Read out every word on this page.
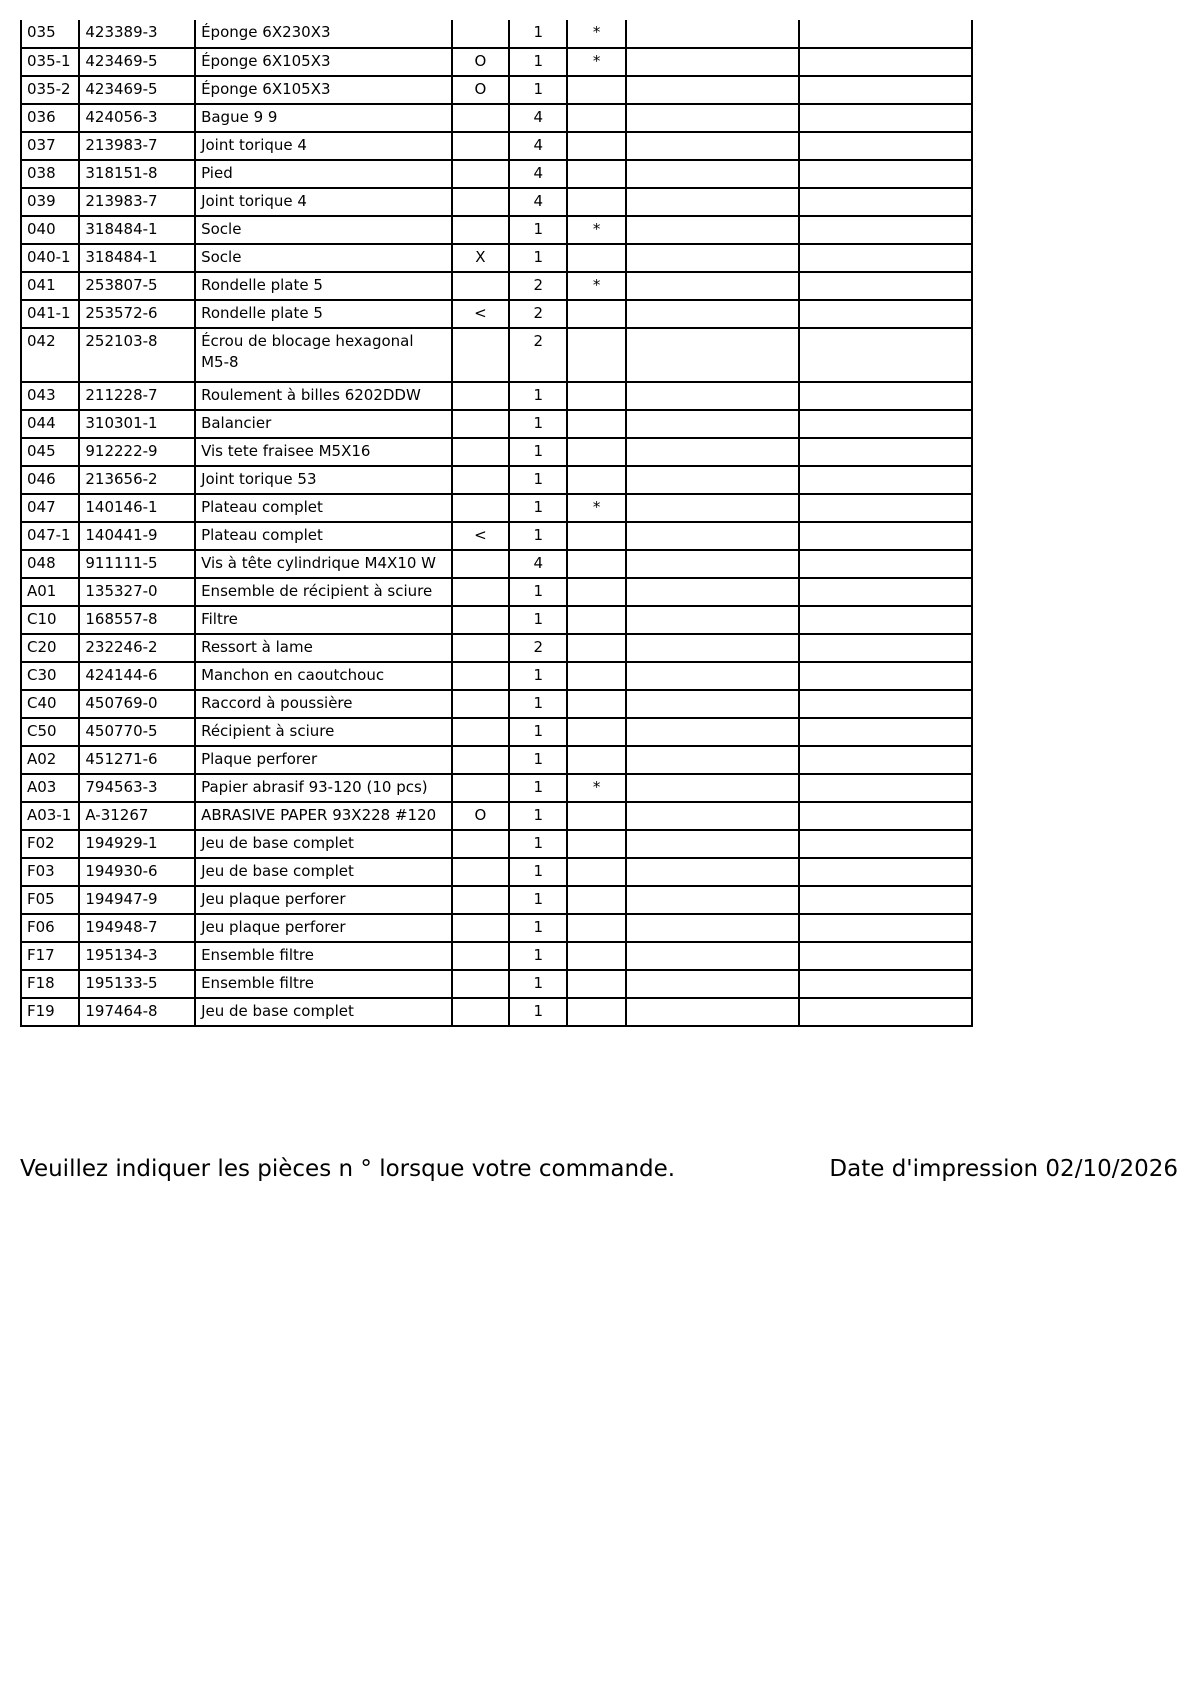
035	423389-3	Éponge 6X230X3		1	*		
035-1	423469-5	Éponge 6X105X3	O	1	*		
035-2	423469-5	Éponge 6X105X3	O	1			
036	424056-3	Bague 9 9		4			
037	213983-7	Joint torique 4		4			
038	318151-8	Pied		4			
039	213983-7	Joint torique 4		4			
040	318484-1	Socle		1	*		
040-1	318484-1	Socle	X	1			
041	253807-5	Rondelle plate 5		2	*		
041-1	253572-6	Rondelle plate 5	<	2			
042	252103-8	Écrou de blocage hexagonal M5-8		2			
043	211228-7	Roulement à billes 6202DDW		1			
044	310301-1	Balancier		1			
045	912222-9	Vis tete fraisee M5X16		1			
046	213656-2	Joint torique 53		1			
047	140146-1	Plateau complet		1	*		
047-1	140441-9	Plateau complet	<	1			
048	911111-5	Vis à tête cylindrique M4X10 W		4			
A01	135327-0	Ensemble de récipient à sciure		1			
C10	168557-8	Filtre		1			
C20	232246-2	Ressort à lame		2			
C30	424144-6	Manchon en caoutchouc		1			
C40	450769-0	Raccord à poussière		1			
C50	450770-5	Récipient à sciure		1			
A02	451271-6	Plaque perforer		1			
A03	794563-3	Papier abrasif 93-120 (10 pcs)		1	*		
A03-1	A-31267	ABRASIVE PAPER 93X228 #120	O	1			
F02	194929-1	Jeu de base complet		1			
F03	194930-6	Jeu de base complet		1			
F05	194947-9	Jeu plaque perforer		1			
F06	194948-7	Jeu plaque perforer		1			
F17	195134-3	Ensemble filtre		1			
F18	195133-5	Ensemble filtre		1			
F19	197464-8	Jeu de base complet		1			
Veuillez indiquer les pièces n ° lorsque votre commande.	Date d'impression 02/10/2026
